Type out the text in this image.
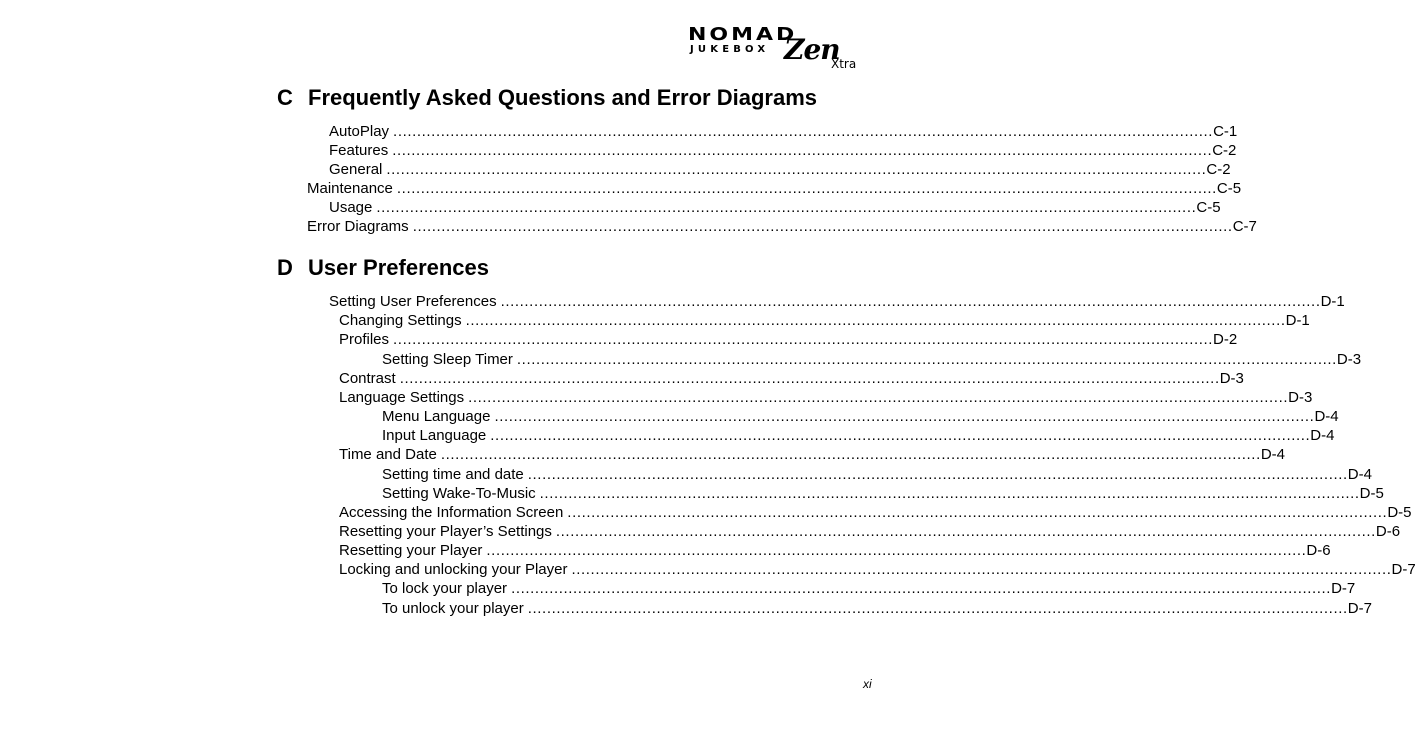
NOMAD
JUKEBOX Zen
Xtra
C Frequently Asked Questions and Error Diagrams
AutoPlay ............................................................................................................................................................................ C-1
Features ............................................................................................................................................................................ C-2
General ............................................................................................................................................................................ C-2
Maintenance ............................................................................................................................................................................ C-5
Usage ............................................................................................................................................................................ C-5
Error Diagrams ............................................................................................................................................................................ C-7
D User Preferences
Setting User Preferences ............................................................................................................................................................................ D-1
Changing Settings ............................................................................................................................................................................ D-1
Profiles ............................................................................................................................................................................ D-2
Setting Sleep Timer ............................................................................................................................................................................ D-3
Contrast ............................................................................................................................................................................ D-3
Language Settings ............................................................................................................................................................................ D-3
Menu Language ............................................................................................................................................................................ D-4
Input Language ............................................................................................................................................................................ D-4
Time and Date ............................................................................................................................................................................ D-4
Setting time and date ............................................................................................................................................................................ D-4
Setting Wake-To-Music ............................................................................................................................................................................ D-5
Accessing the Information Screen ............................................................................................................................................................................ D-5
Resetting your Player’s Settings ............................................................................................................................................................................ D-6
Resetting your Player ............................................................................................................................................................................ D-6
Locking and unlocking your Player ............................................................................................................................................................................ D-7
To lock your player ............................................................................................................................................................................ D-7
To unlock your player ............................................................................................................................................................................ D-7
xi
